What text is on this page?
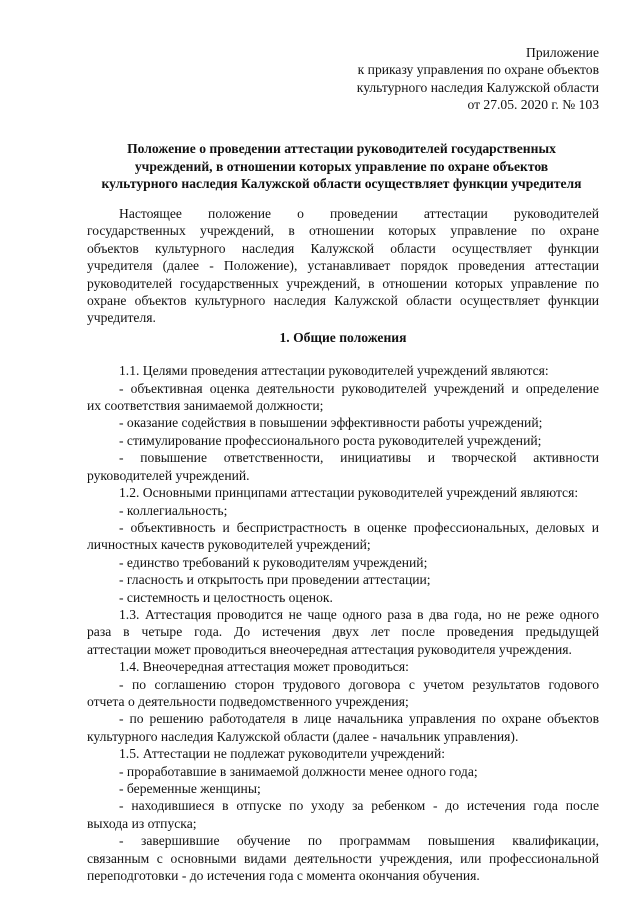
Приложение
к приказу управления по охране объектов
культурного наследия Калужской области
от 27.05. 2020 г. № 103
Положение о проведении аттестации руководителей государственных
учреждений, в отношении которых управление по охране объектов
культурного наследия Калужской области осуществляет функции учредителя

Настоящее положение о проведении аттестации руководителей
государственных учреждений, в отношении которых управление по охране
объектов культурного наследия Калужской области осуществляет функции
учредителя (далее - Положение), устанавливает порядок проведения аттестации
руководителей государственных учреждений, в отношении которых управление по
охране объектов культурного наследия Калужской области осуществляет функции
учредителя.

1. Общие положения
1.1. Целями проведения аттестации руководителей учреждений являются:
- объективная оценка деятельности руководителей учреждений и определение
их соответствия занимаемой должности;
- оказание содействия в повышении эффективности работы учреждений;
- стимулирование профессионального роста руководителей учреждений;
- повышение ответственности, инициативы и творческой активности
руководителей учреждений.
1.2. Основными принципами аттестации руководителей учреждений являются:
- коллегиальность;
- объективность и беспристрастность в оценке профессиональных, деловых и
личностных качеств руководителей учреждений;
- единство требований к руководителям учреждений;
- гласность и открытость при проведении аттестации;
- системность и целостность оценок.
1.3. Аттестация проводится не чаще одного раза в два года, но не реже одного
раза в четыре года. До истечения двух лет после проведения предыдущей
аттестации может проводиться внеочередная аттестация руководителя учреждения.
1.4. Внеочередная аттестация может проводиться:
- по соглашению сторон трудового договора с учетом результатов годового
отчета о деятельности подведомственного учреждения;
- по решению работодателя в лице начальника управления по охране объектов
культурного наследия Калужской области (далее - начальник управления).
1.5. Аттестации не подлежат руководители учреждений:
- проработавшие в занимаемой должности менее одного года;
- беременные женщины;
- находившиеся в отпуске по уходу за ребенком - до истечения года после
выхода из отпуска;
- завершившие обучение по программам повышения квалификации,
связанным с основными видами деятельности учреждения, или профессиональной
переподготовки - до истечения года с момента окончания обучения.
